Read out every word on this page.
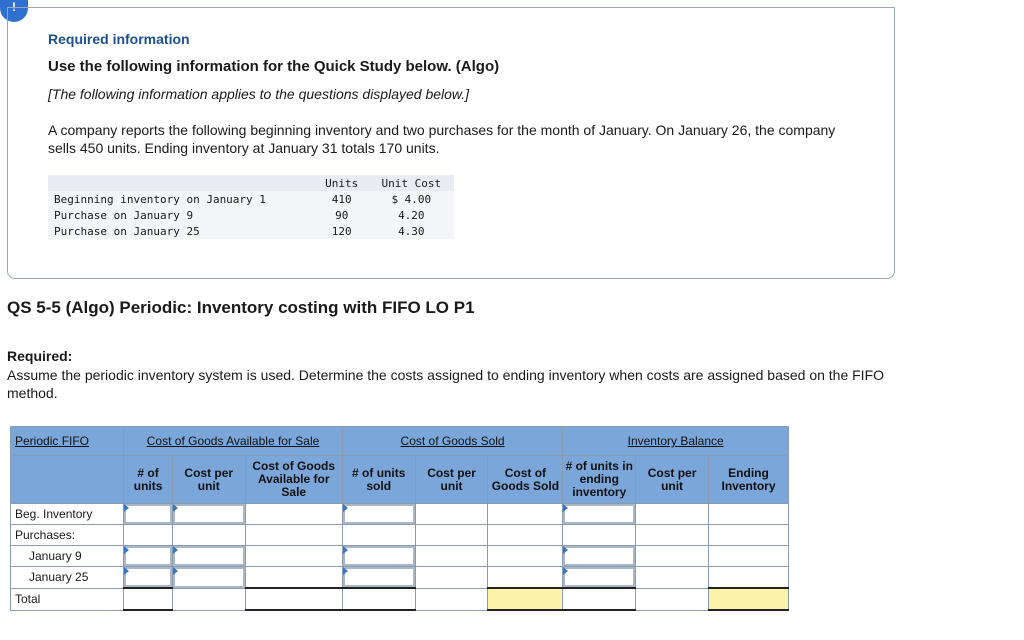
!
Required information
Use the following information for the Quick Study below. (Algo)
[The following information applies to the questions displayed below.]
A company reports the following beginning inventory and two purchases for the month of January. On January 26, the company sells 450 units. Ending inventory at January 31 totals 170 units.
	Units	Unit Cost
Beginning inventory on January 1	410	$ 4.00
Purchase on January 9	90	4.20
Purchase on January 25	120	4.30
QS 5-5 (Algo) Periodic: Inventory costing with FIFO LO P1
Required:
Assume the periodic inventory system is used. Determine the costs assigned to ending inventory when costs are assigned based on the FIFO method.
Periodic FIFO	Cost of Goods Available for Sale			Cost of Goods Sold			Inventory Balance		
	# of units	Cost per unit	Cost of Goods Available for Sale	# of units sold	Cost per unit	Cost of Goods Sold	# of units in ending inventory	Cost per unit	Ending Inventory
Beg. Inventory									
Purchases:									
January 9									
January 25									
Total									
